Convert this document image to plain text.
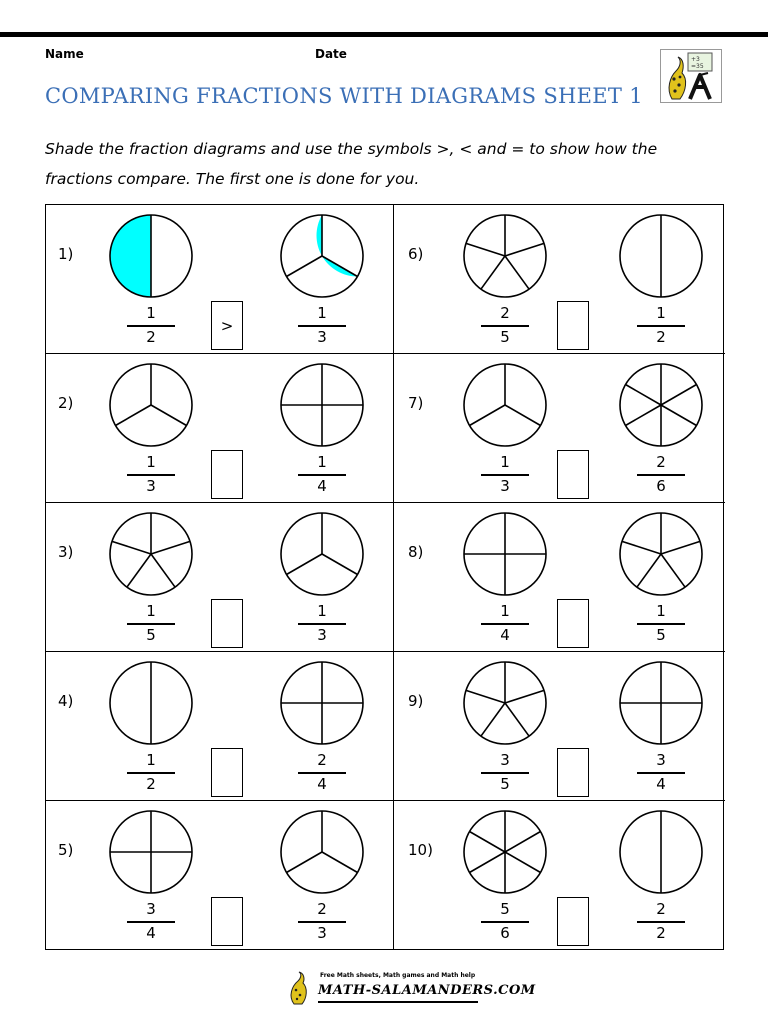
Name	Date
COMPARING FRACTIONS WITH DIAGRAMS SHEET 1
+3
=35
Shade the fraction diagrams and use the symbols >, < and = to show how the
fractions compare. The first one is done for you.
1)
1
2
1
3
>
6)
2
5
1
2
2)
1
3
1
4
7)
1
3
2
6
3)
1
5
1
3
8)
1
4
1
5
4)
1
2
2
4
9)
3
5
3
4
5)
3
4
2
3
10)
5
6
2
2
Free Math sheets, Math games and Math help
MATH-SALAMANDERS.COM
